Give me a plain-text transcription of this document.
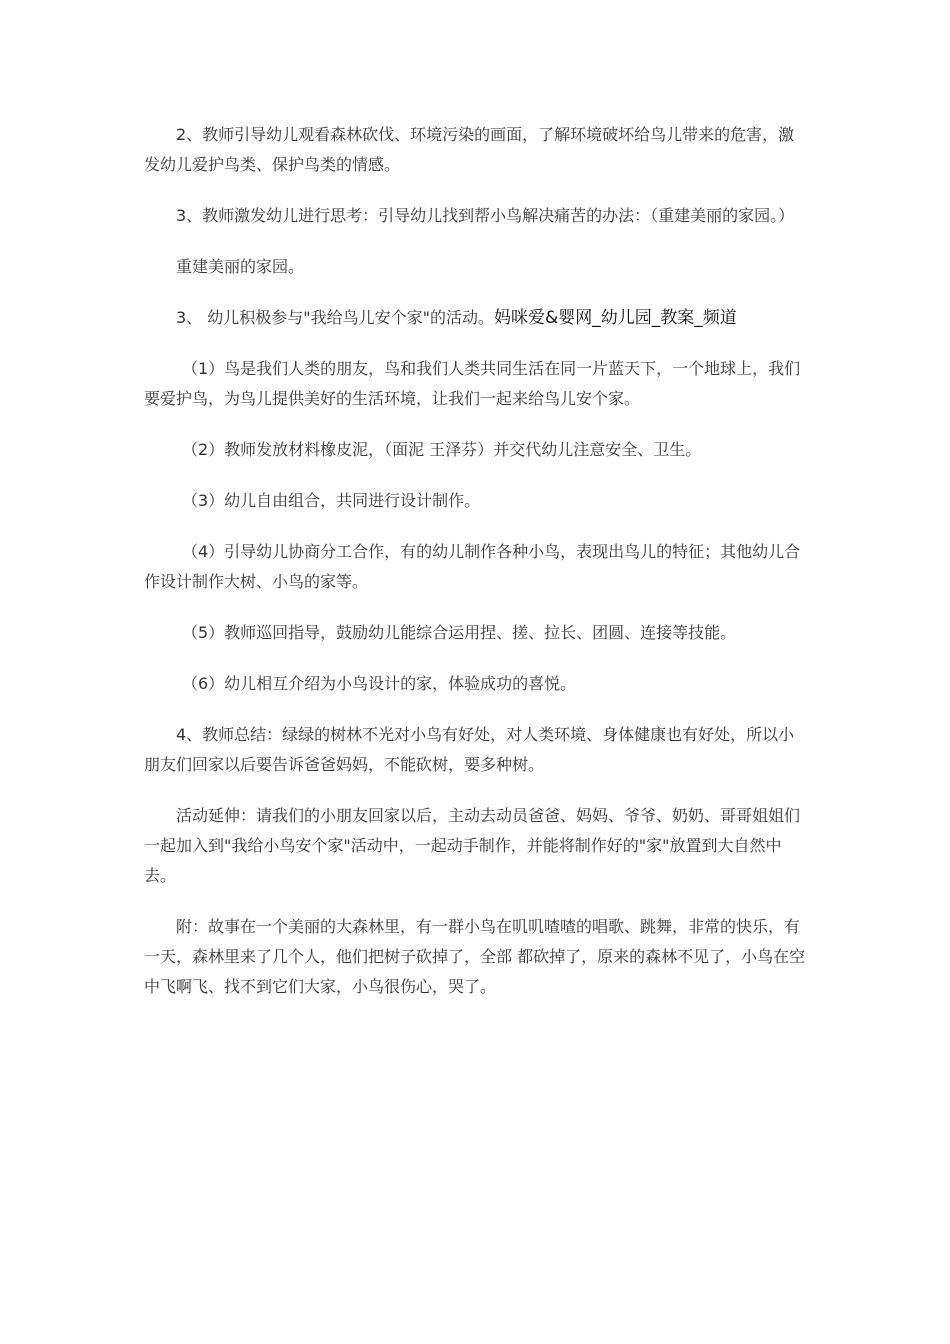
2、教师引导幼儿观看森林砍伐、环境污染的画面，了解环境破坏给鸟儿带来的危害，激发幼儿爱护鸟类、保护鸟类的情感。

3、教师激发幼儿进行思考：引导幼儿找到帮小鸟解决痛苦的办法：（重建美丽的家园。）

重建美丽的家园。

3、 幼儿积极参与"我给鸟儿安个家"的活动。妈咪爱&婴网_幼儿园_教案_频道

（1）鸟是我们人类的朋友，鸟和我们人类共同生活在同一片蓝天下，一个地球上，我们要爱护鸟，为鸟儿提供美好的生活环境，让我们一起来给鸟儿安个家。

（2）教师发放材料橡皮泥，（面泥 王泽芬）并交代幼儿注意安全、卫生。

（3）幼儿自由组合，共同进行设计制作。

（4）引导幼儿协商分工合作，有的幼儿制作各种小鸟，表现出鸟儿的特征；其他幼儿合作设计制作大树、小鸟的家等。

（5）教师巡回指导，鼓励幼儿能综合运用捏、搓、拉长、团圆、连接等技能。

（6）幼儿相互介绍为小鸟设计的家，体验成功的喜悦。

4、教师总结：绿绿的树林不光对小鸟有好处，对人类环境、身体健康也有好处，所以小朋友们回家以后要告诉爸爸妈妈，不能砍树，要多种树。

活动延伸：请我们的小朋友回家以后，主动去动员爸爸、妈妈、爷爷、奶奶、哥哥姐姐们一起加入到"我给小鸟安个家"活动中，一起动手制作，并能将制作好的"家"放置到大自然中去。

附：故事在一个美丽的大森林里，有一群小鸟在叽叽喳喳的唱歌、跳舞，非常的快乐，有一天，森林里来了几个人，他们把树子砍掉了，全部 都砍掉了，原来的森林不见了，小鸟在空中飞啊飞、找不到它们大家，小鸟很伤心，哭了。
